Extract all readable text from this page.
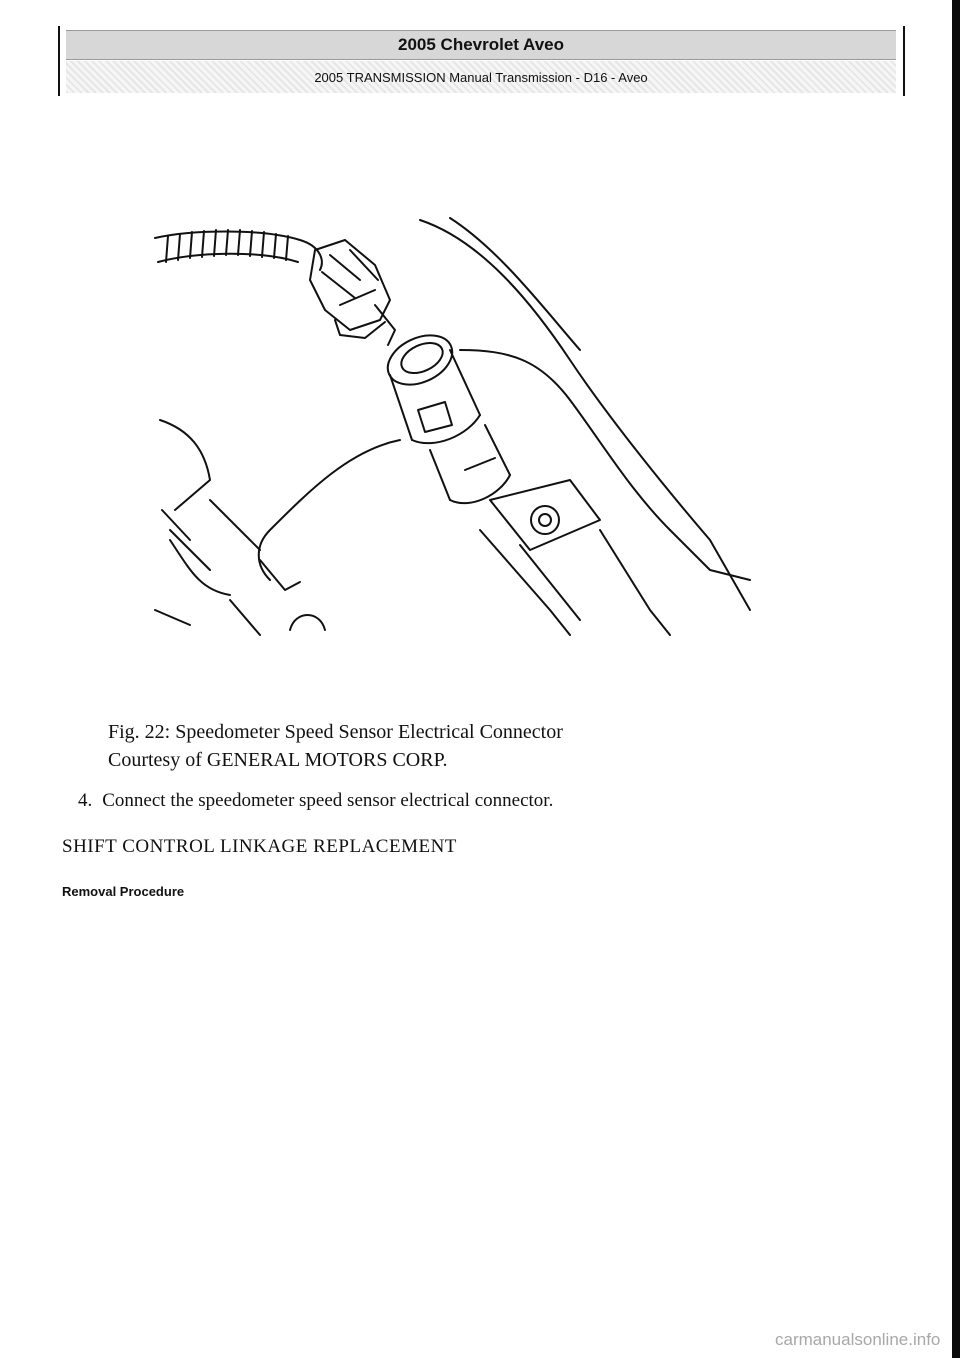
2005 Chevrolet Aveo
2005 TRANSMISSION Manual Transmission - D16 - Aveo
Fig. 22: Speedometer Speed Sensor Electrical Connector
Courtesy of GENERAL MOTORS CORP.
4. Connect the speedometer speed sensor electrical connector.
SHIFT CONTROL LINKAGE REPLACEMENT
Removal Procedure
carmanualsonline.info
